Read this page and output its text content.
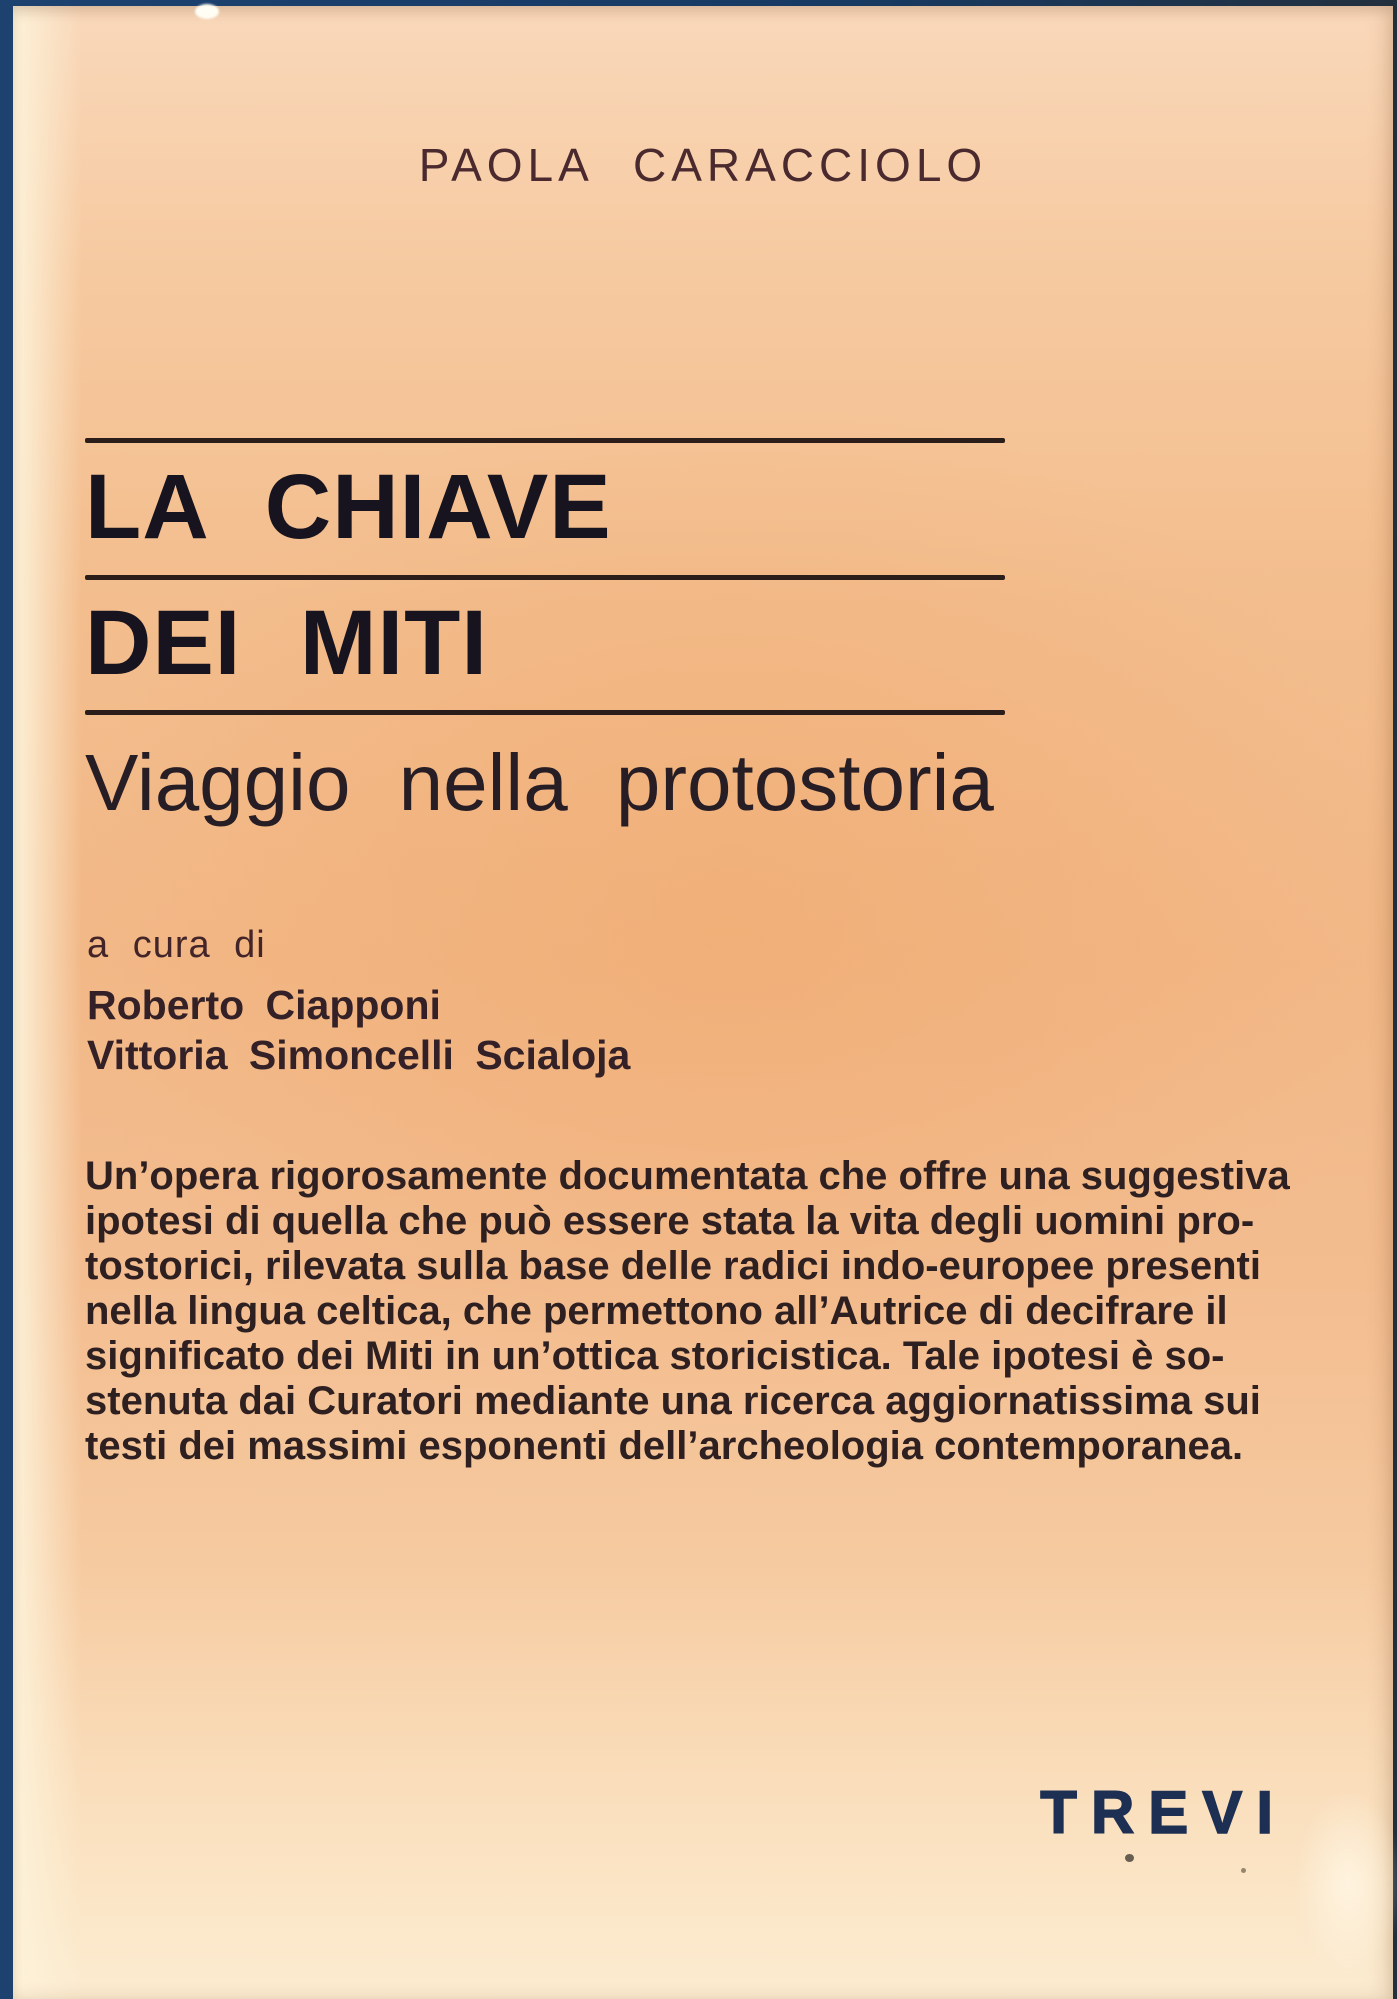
PAOLA CARACCIOLO
LA CHIAVE
DEI MITI
Viaggio nella protostoria
a cura di
Roberto Ciapponi
Vittoria Simoncelli Scialoja
Un’opera rigorosamente documentata che offre una suggestiva
ipotesi di quella che può essere stata la vita degli uomini pro-
tostorici, rilevata sulla base delle radici indo-europee presenti
nella lingua celtica, che permettono all’Autrice di decifrare il
significato dei Miti in un’ottica storicistica. Tale ipotesi è so-
stenuta dai Curatori mediante una ricerca aggiornatissima sui
testi dei massimi esponenti dell’archeologia contemporanea.
TREVI
